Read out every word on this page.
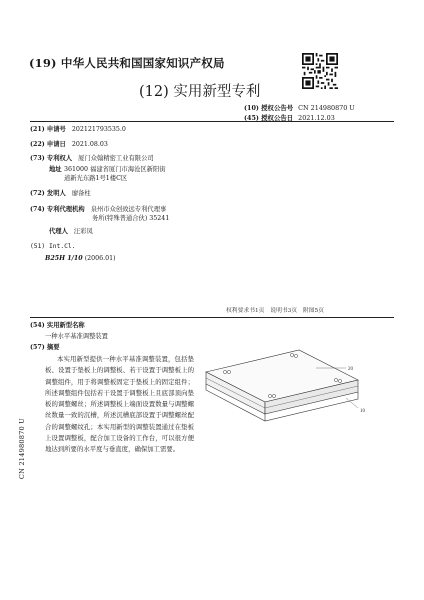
(19) 中华人民共和国国家知识产权局
(12) 实用新型专利
(10) 授权公告号 CN 214980870 U
(45) 授权公告日 2021.12.03
(21) 申请号 202121793535.0
(22) 申请日 2021.08.03
(73) 专利权人 厦门众翰精密工业有限公司
地址 361000 福建省厦门市海沧区新阳街
道新光东路1号1楼C区
(72) 发明人 廖备柱
(74) 专利代理机构 泉州市众创致远专利代理事
务所(特殊普通合伙) 35241
代理人 汪彩凤
(51) Int.Cl.
B25H 1/10 (2006.01)
权利要求书1页　说明书3页　附图5页
(54) 实用新型名称
一种水平基准调整装置
(57) 摘要
本实用新型提供一种水平基准调整装置，包括垫板、设置于垫板上的调整板、若干设置于调整板上的调整组件，用于将调整板固定于垫板上的固定组件；所述调整组件包括若干设置于调整板上且底部顶向垫板的调整螺丝；所述调整板上端面设置数量与调整螺丝数量一致的沉槽，所述沉槽底部设置于调整螺丝配合的调整螺纹孔；本实用新型的调整装置通过在垫板上设置调整板，配合加工设备的工作台，可以很方便地达到所要的水平度与垂直度，确保加工需要。
20
10
CN 214980870 U
